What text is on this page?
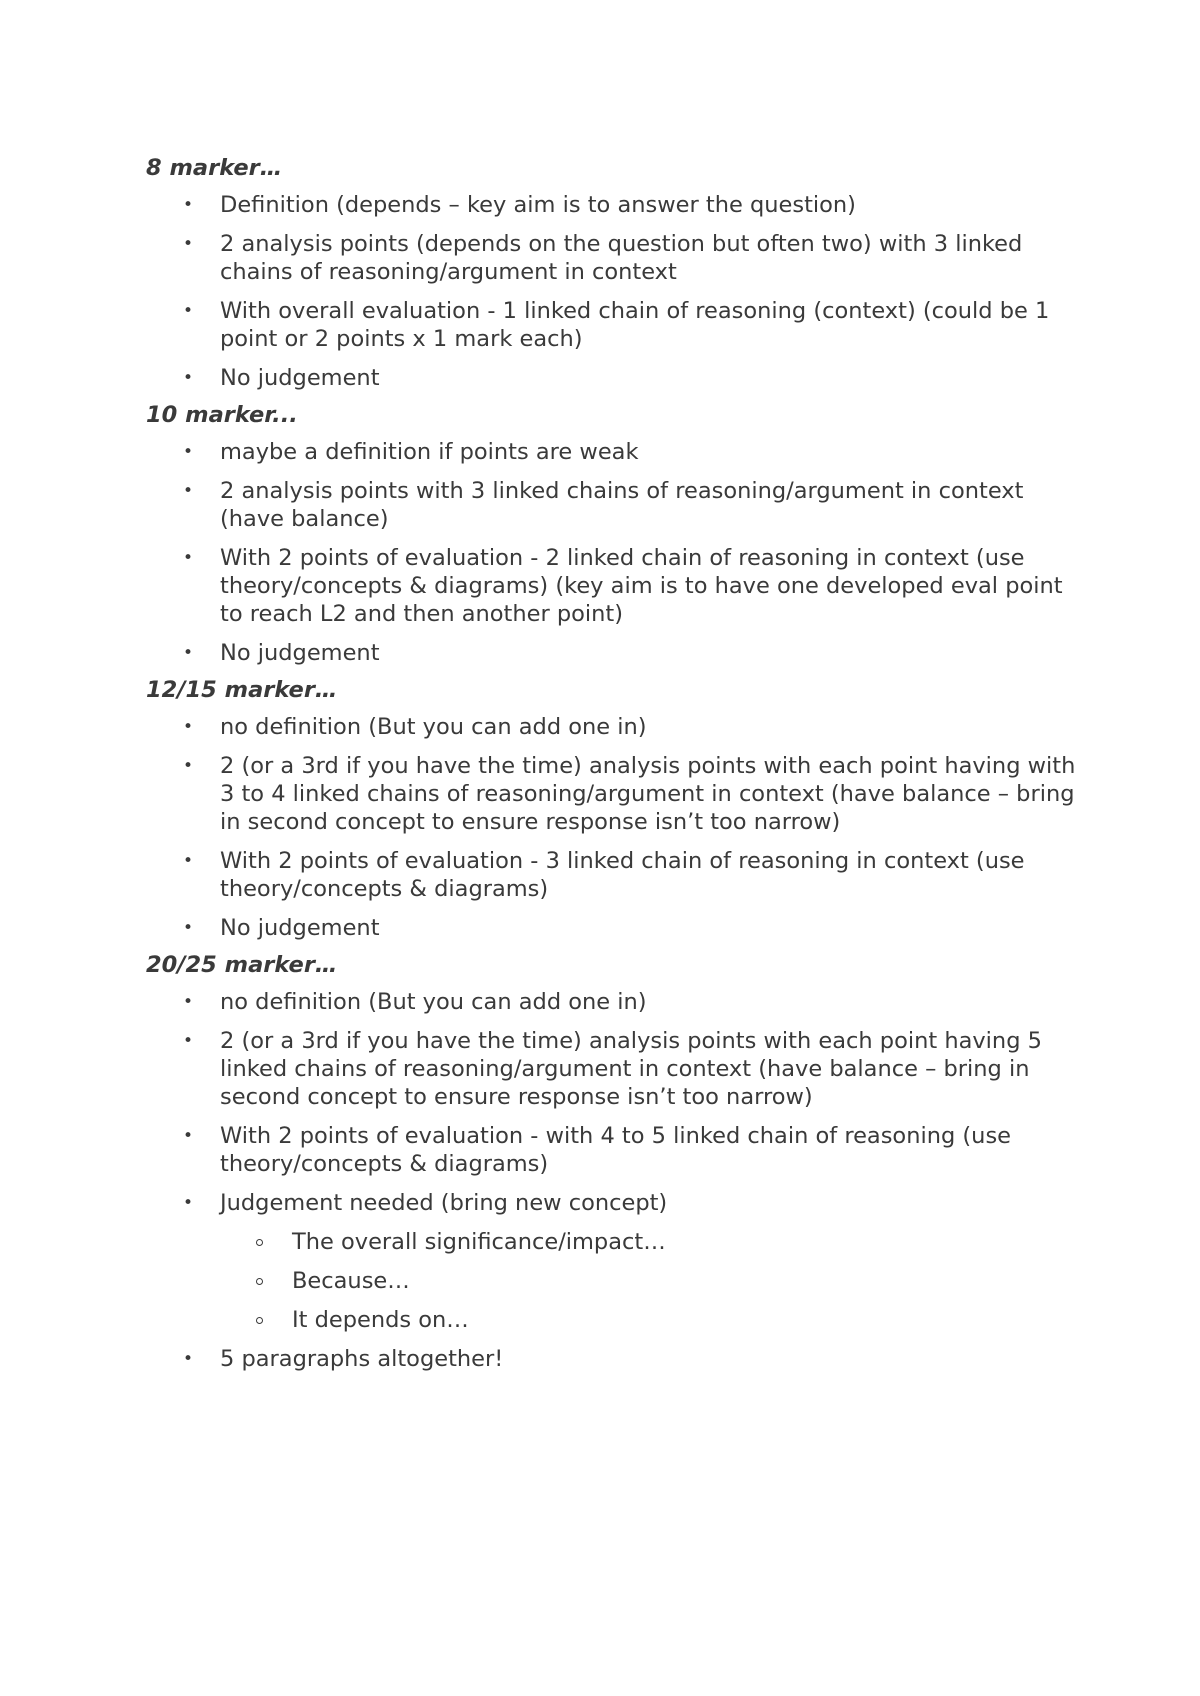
8 marker…
• Definition (depends – key aim is to answer the question)
• 2 analysis points (depends on the question but often two) with 3 linked chains of reasoning/argument in context
• With overall evaluation - 1 linked chain of reasoning (context) (could be 1 point or 2 points x 1 mark each)
• No judgement
10 marker...
• maybe a definition if points are weak
• 2 analysis points with 3 linked chains of reasoning/argument in context (have balance)
• With 2 points of evaluation - 2 linked chain of reasoning in context (use theory/concepts & diagrams) (key aim is to have one developed eval point to reach L2 and then another point)
• No judgement
12/15 marker…
• no definition (But you can add one in)
• 2 (or a 3rd if you have the time) analysis points with each point having with 3 to 4 linked chains of reasoning/argument in context (have balance – bring in second concept to ensure response isn’t too narrow)
• With 2 points of evaluation - 3 linked chain of reasoning in context (use theory/concepts & diagrams)
• No judgement
20/25 marker…
• no definition (But you can add one in)
• 2 (or a 3rd if you have the time) analysis points with each point having 5 linked chains of reasoning/argument in context (have balance – bring in second concept to ensure response isn’t too narrow)
• With 2 points of evaluation - with 4 to 5 linked chain of reasoning (use theory/concepts & diagrams)
• Judgement needed (bring new concept)
The overall significance/impact…
Because…
It depends on…
• 5 paragraphs altogether!
